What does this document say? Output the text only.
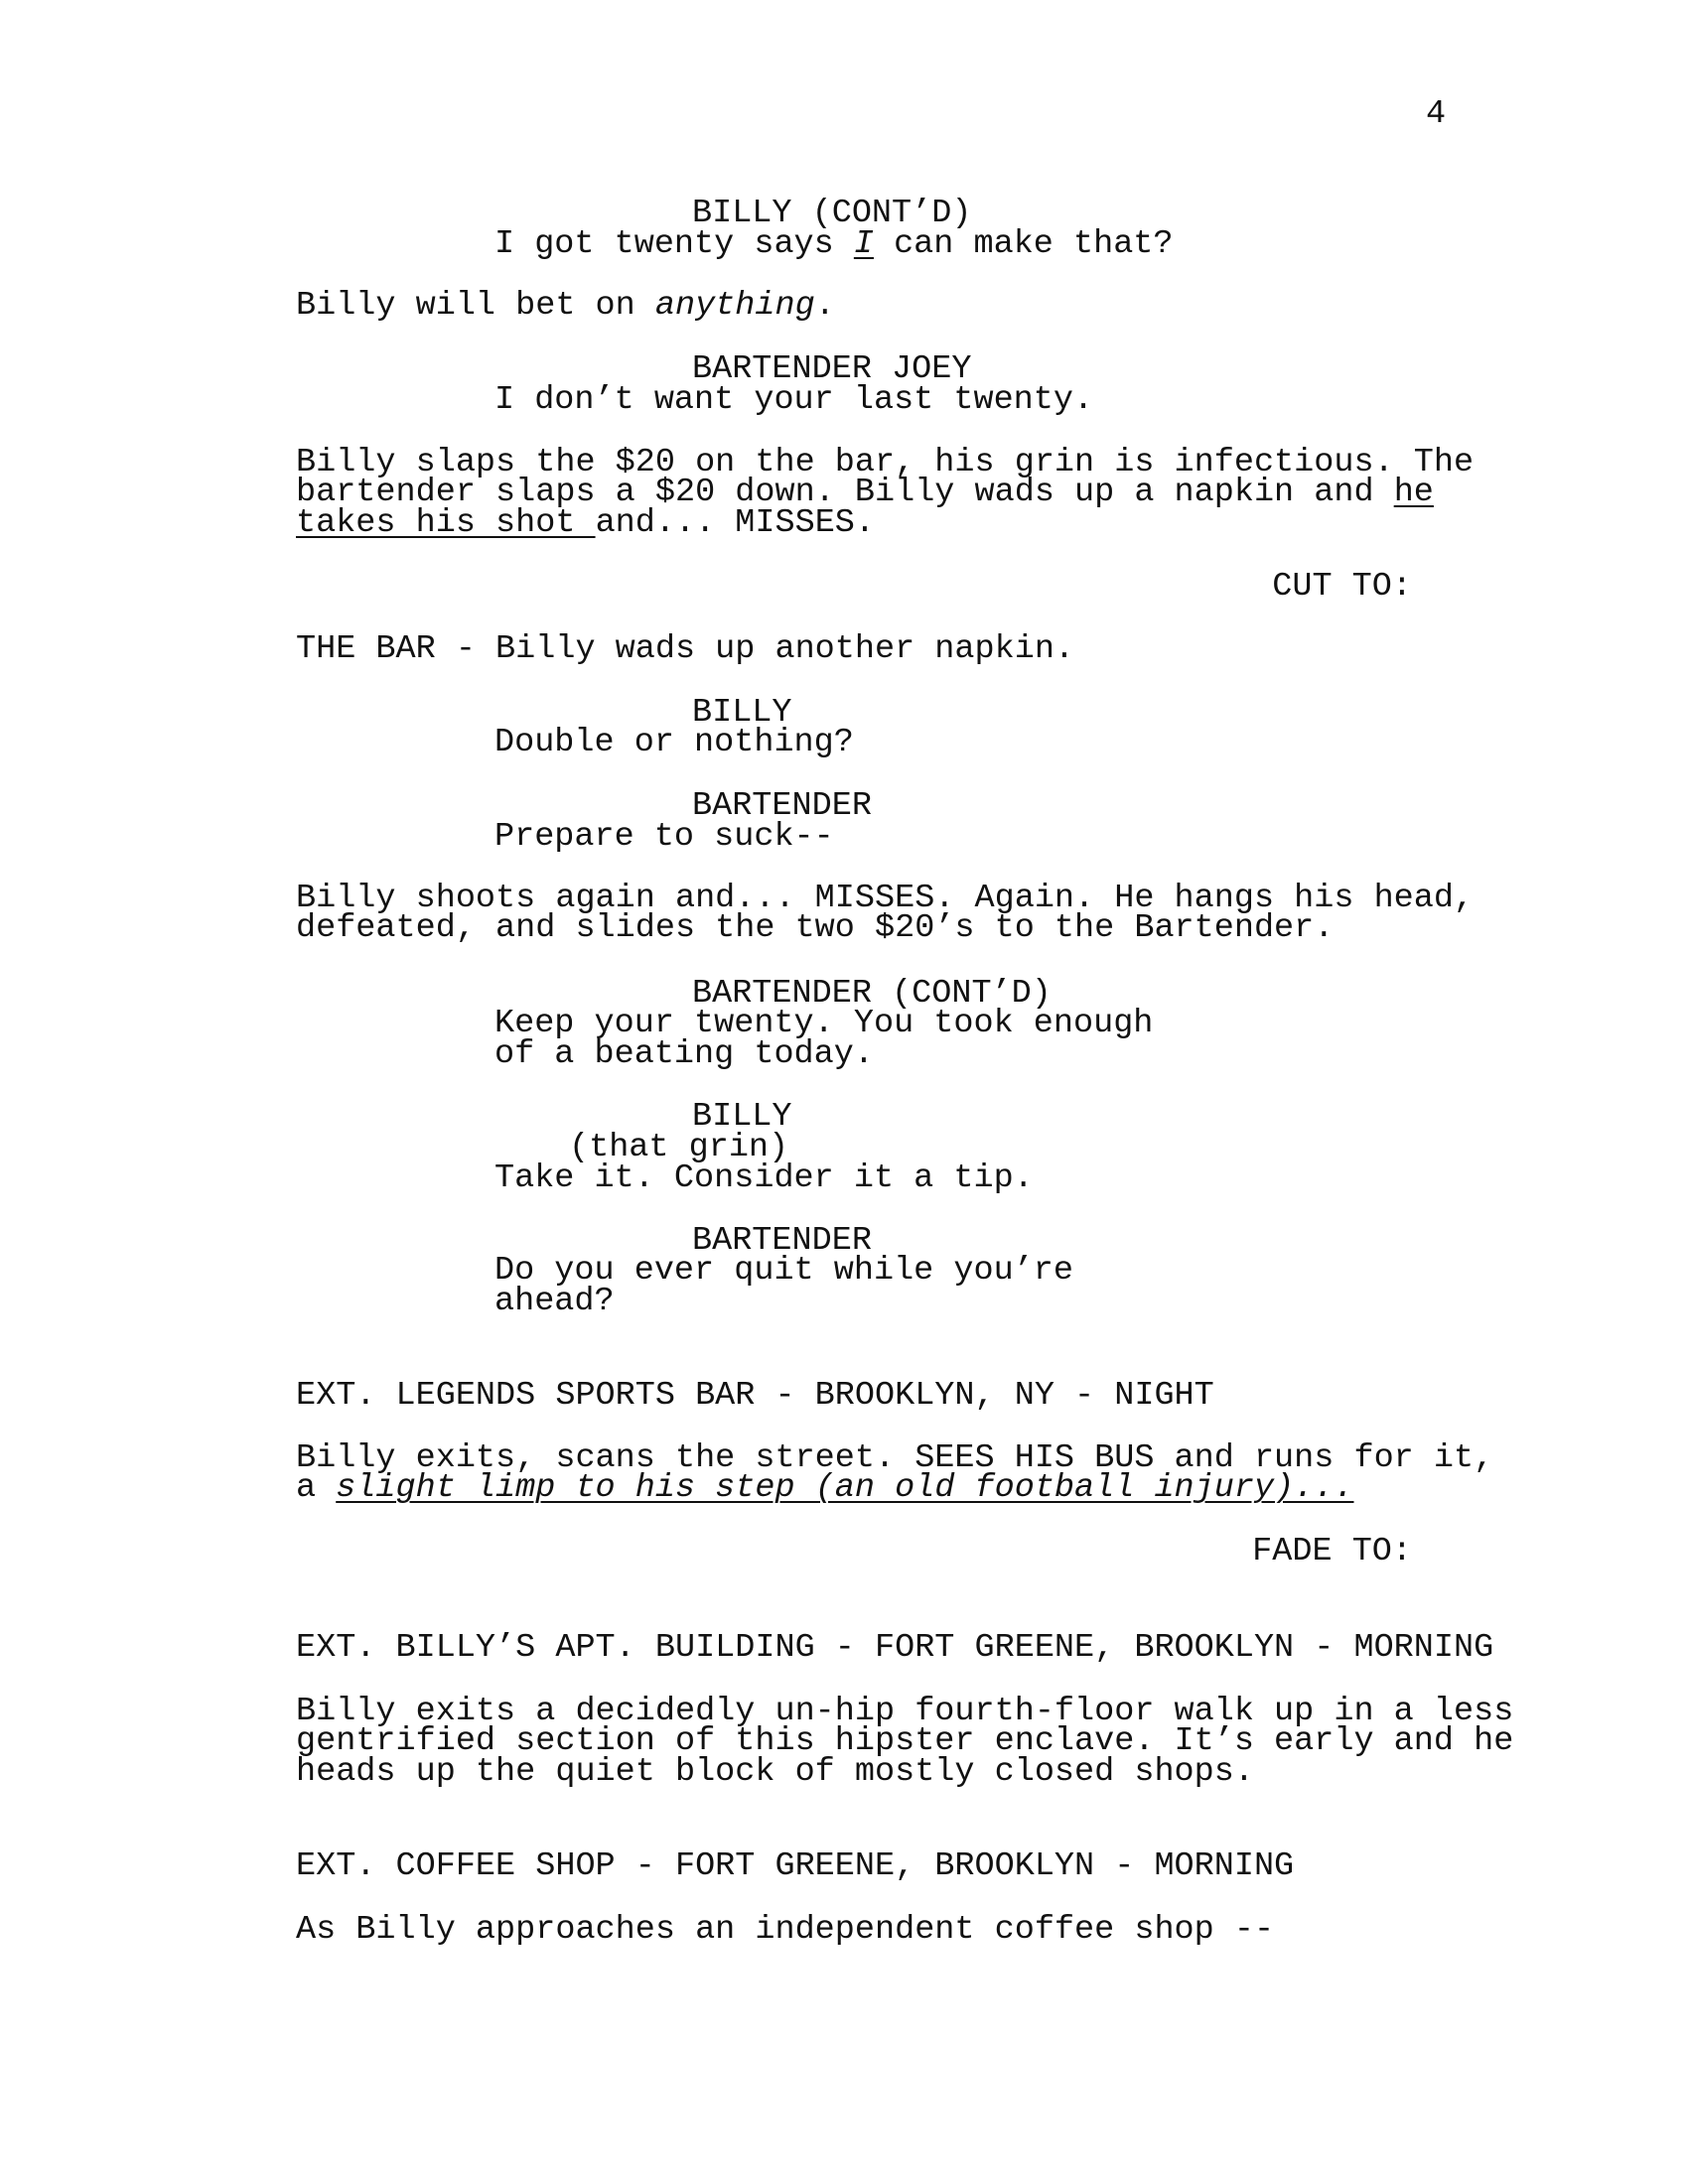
4
BILLY (CONT’D)
I got twenty says I can make that?
Billy will bet on anything.
BARTENDER JOEY
I don’t want your last twenty.
Billy slaps the $20 on the bar, his grin is infectious. The
bartender slaps a $20 down. Billy wads up a napkin and he
takes his shot and... MISSES.
CUT TO:
THE BAR - Billy wads up another napkin.
BILLY
Double or nothing?
BARTENDER
Prepare to suck--
Billy shoots again and... MISSES. Again. He hangs his head,
defeated, and slides the two $20’s to the Bartender.
BARTENDER (CONT’D)
Keep your twenty. You took enough
of a beating today.
BILLY
(that grin)
Take it. Consider it a tip.
BARTENDER
Do you ever quit while you’re
ahead?
EXT. LEGENDS SPORTS BAR - BROOKLYN, NY - NIGHT
Billy exits, scans the street. SEES HIS BUS and runs for it,
a slight limp to his step (an old football injury)...
FADE TO:
EXT. BILLY’S APT. BUILDING - FORT GREENE, BROOKLYN - MORNING
Billy exits a decidedly un-hip fourth-floor walk up in a less
gentrified section of this hipster enclave. It’s early and he
heads up the quiet block of mostly closed shops.
EXT. COFFEE SHOP - FORT GREENE, BROOKLYN - MORNING
As Billy approaches an independent coffee shop --
